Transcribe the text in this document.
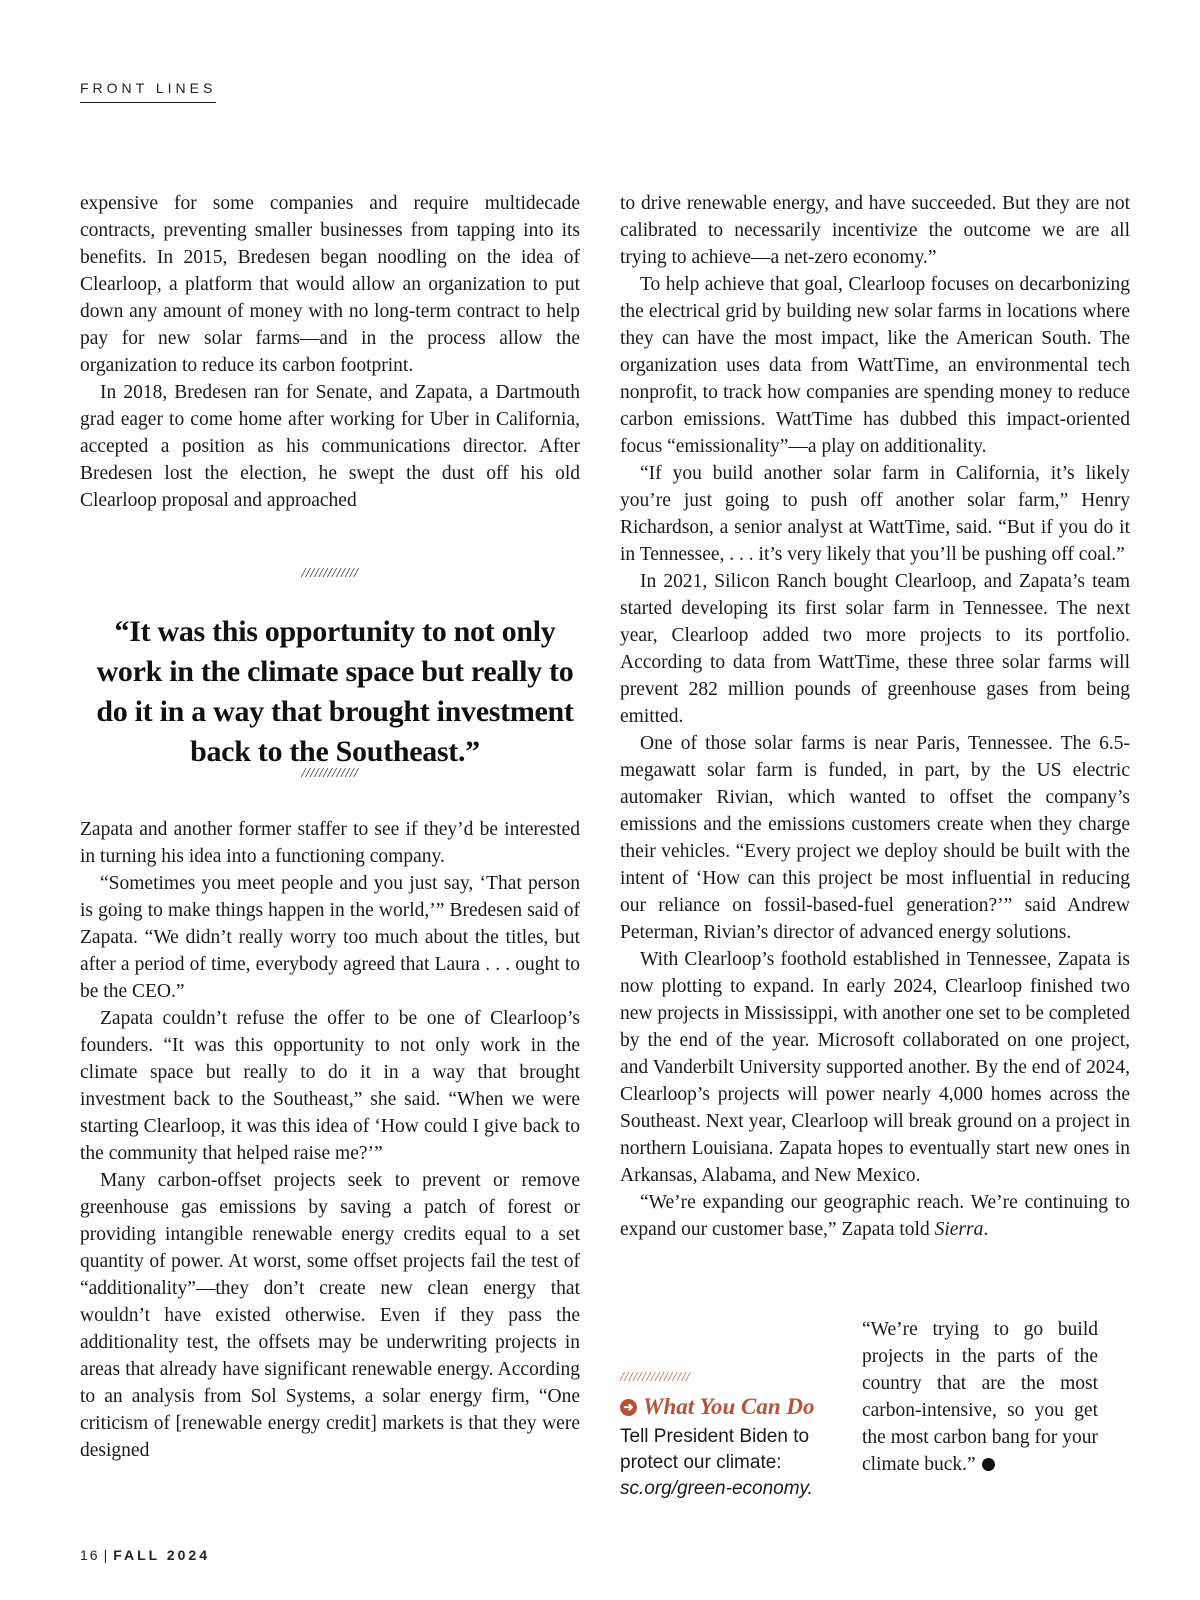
FRONT LINES

expensive for some companies and require multidecade contracts, preventing smaller businesses from tapping into its benefits. In 2015, Bredesen began noodling on the idea of Clearloop, a platform that would allow an organization to put down any amount of money with no long-term contract to help pay for new solar farms—and in the process allow the organization to reduce its carbon footprint.

In 2018, Bredesen ran for Senate, and Zapata, a Dartmouth grad eager to come home after working for Uber in California, accepted a position as his communications director. After Bredesen lost the election, he swept the dust off his old Clearloop proposal and approached

/////////////

“It was this opportunity to not only work in the climate space but really to do it in a way that brought investment back to the Southeast.”

/////////////

Zapata and another former staffer to see if they’d be interested in turning his idea into a functioning company.

“Sometimes you meet people and you just say, ‘That person is going to make things happen in the world,’” Bredesen said of Zapata. “We didn’t really worry too much about the titles, but after a period of time, everybody agreed that Laura . . . ought to be the CEO.”

Zapata couldn’t refuse the offer to be one of Clearloop’s founders. “It was this opportunity to not only work in the climate space but really to do it in a way that brought investment back to the Southeast,” she said. “When we were starting Clearloop, it was this idea of ‘How could I give back to the community that helped raise me?’”

Many carbon-offset projects seek to prevent or remove greenhouse gas emissions by saving a patch of forest or providing intangible renewable energy credits equal to a set quantity of power. At worst, some offset projects fail the test of “additionality”—they don’t create new clean energy that wouldn’t have existed otherwise. Even if they pass the additionality test, the offsets may be underwriting projects in areas that already have significant renewable energy. According to an analysis from Sol Systems, a solar energy firm, “One criticism of [renewable energy credit] markets is that they were designed

to drive renewable energy, and have succeeded. But they are not calibrated to necessarily incentivize the outcome we are all trying to achieve—a net-zero economy.”

To help achieve that goal, Clearloop focuses on decarbonizing the electrical grid by building new solar farms in locations where they can have the most impact, like the American South. The organization uses data from WattTime, an environmental tech nonprofit, to track how companies are spending money to reduce carbon emissions. WattTime has dubbed this impact-oriented focus “emissionality”—a play on additionality.

“If you build another solar farm in California, it’s likely you’re just going to push off another solar farm,” Henry Richardson, a senior analyst at WattTime, said. “But if you do it in Tennessee, . . . it’s very likely that you’ll be pushing off coal.”

In 2021, Silicon Ranch bought Clearloop, and Zapata’s team started developing its first solar farm in Tennessee. The next year, Clearloop added two more projects to its portfolio. According to data from WattTime, these three solar farms will prevent 282 million pounds of greenhouse gases from being emitted.

One of those solar farms is near Paris, Tennessee. The 6.5-megawatt solar farm is funded, in part, by the US electric automaker Rivian, which wanted to offset the company’s emissions and the emissions customers create when they charge their vehicles. “Every project we deploy should be built with the intent of ‘How can this project be most influential in reducing our reliance on fossil-based-fuel generation?’” said Andrew Peterman, Rivian’s director of advanced energy solutions.

With Clearloop’s foothold established in Tennessee, Zapata is now plotting to expand. In early 2024, Clearloop finished two new projects in Mississippi, with another one set to be completed by the end of the year. Microsoft collaborated on one project, and Vanderbilt University supported another. By the end of 2024, Clearloop’s projects will power nearly 4,000 homes across the Southeast. Next year, Clearloop will break ground on a project in northern Louisiana. Zapata hopes to eventually start new ones in Arkansas, Alabama, and New Mexico.

“We’re expanding our geographic reach. We’re continuing to expand our customer base,” Zapata told Sierra.

“We’re trying to go build projects in the parts of the country that are the most carbon-intensive, so you get the most carbon bang for your climate buck.”

////////////////
➔ What You Can Do
Tell President Biden to protect our climate:
sc.org/green-economy.
16 | FALL 2024
